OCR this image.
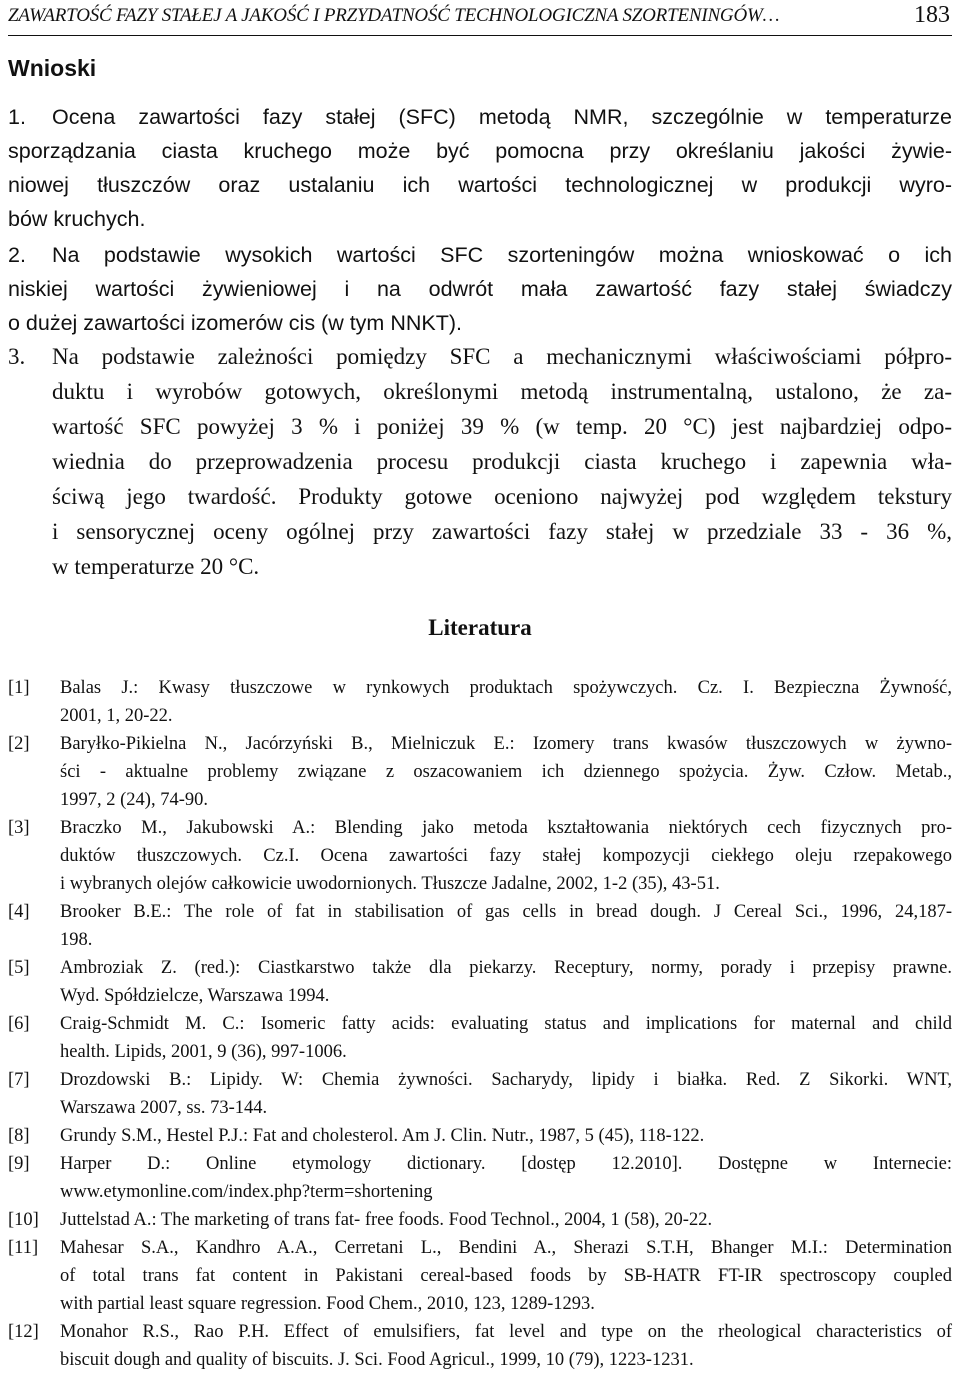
ZAWARTOŚĆ FAZY STAŁEJ A JAKOŚĆ I PRZYDATNOŚĆ TECHNOLOGICZNA SZORTENINGÓW…	183
Wnioski
1.	Ocena zawartości fazy stałej (SFC) metodą NMR, szczególnie w temperaturze
sporządzania ciasta kruchego może być pomocna przy określaniu jakości żywie-
niowej tłuszczów oraz ustalaniu ich wartości technologicznej w produkcji wyro-
bów kruchych.
2.	Na podstawie wysokich wartości SFC szorteningów można wnioskować o ich
niskiej wartości żywieniowej i na odwrót mała zawartość fazy stałej świadczy
o dużej zawartości izomerów cis (w tym NNKT).
3.	Na podstawie zależności pomiędzy SFC a mechanicznymi właściwościami półpro-
duktu i wyrobów gotowych, określonymi metodą instrumentalną, ustalono, że za-
wartość SFC powyżej 3 % i poniżej 39 % (w temp. 20 °C) jest najbardziej odpo-
wiednia do przeprowadzenia procesu produkcji ciasta kruchego i zapewnia wła-
ściwą jego twardość. Produkty gotowe oceniono najwyżej pod względem tekstury
i sensorycznej oceny ogólnej przy zawartości fazy stałej w przedziale 33 - 36 %,
w temperaturze 20 °C.
Literatura
[1] Balas J.: Kwasy tłuszczowe w rynkowych produktach spożywczych. Cz. I. Bezpieczna Żywność,
2001, 1, 20-22.
[2] Baryłko-Pikielna N., Jacórzyński B., Mielniczuk E.: Izomery trans kwasów tłuszczowych w żywno-
ści - aktualne problemy związane z oszacowaniem ich dziennego spożycia. Żyw. Człow. Metab.,
1997, 2 (24), 74-90.
[3] Braczko M., Jakubowski A.: Blending jako metoda kształtowania niektórych cech fizycznych pro-
duktów tłuszczowych. Cz.I. Ocena zawartości fazy stałej kompozycji ciekłego oleju rzepakowego
i wybranych olejów całkowicie uwodornionych. Tłuszcze Jadalne, 2002, 1-2 (35), 43-51.
[4] Brooker B.E.: The role of fat in stabilisation of gas cells in bread dough. J Cereal Sci., 1996, 24,187-
198.
[5] Ambroziak Z. (red.): Ciastkarstwo także dla piekarzy. Receptury, normy, porady i przepisy prawne.
Wyd. Spółdzielcze, Warszawa 1994.
[6] Craig-Schmidt M. C.: Isomeric fatty acids: evaluating status and implications for maternal and child
health. Lipids, 2001, 9 (36), 997-1006.
[7] Drozdowski B.: Lipidy. W: Chemia żywności. Sacharydy, lipidy i białka. Red. Z Sikorki. WNT,
Warszawa 2007, ss. 73-144.
[8] Grundy S.M., Hestel P.J.: Fat and cholesterol. Am J. Clin. Nutr., 1987, 5 (45), 118-122.
[9] Harper D.: Online etymology dictionary. [dostęp 12.2010]. Dostępne w Internecie:
www.etymonline.com/index.php?term=shortening
[10] Juttelstad A.: The marketing of trans fat- free foods. Food Technol., 2004, 1 (58), 20-22.
[11] Mahesar S.A., Kandhro A.A., Cerretani L., Bendini A., Sherazi S.T.H, Bhanger M.I.: Determination
of total trans fat content in Pakistani cereal-based foods by SB-HATR FT-IR spectroscopy coupled
with partial least square regression. Food Chem., 2010, 123, 1289-1293.
[12] Monahor R.S., Rao P.H. Effect of emulsifiers, fat level and type on the rheological characteristics of
biscuit dough and quality of biscuits. J. Sci. Food Agricul., 1999, 10 (79), 1223-1231.
